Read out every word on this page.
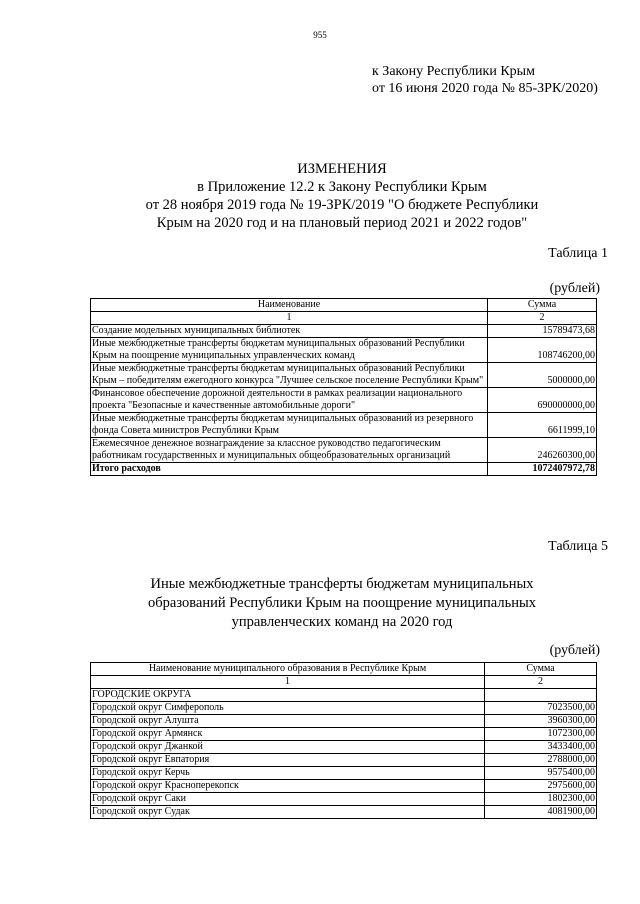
955
к Закону Республики Крым
от 16 июня 2020 года № 85-ЗРК/2020)
ИЗМЕНЕНИЯ
в Приложение 12.2 к Закону Республики Крым
от 28 ноября 2019 года № 19-ЗРК/2019 "О бюджете Республики
Крым на 2020 год и на плановый период 2021 и 2022 годов"
Таблица 1
(рублей)
Наименование	Сумма
1	2
Создание модельных муниципальных библиотек	15789473,68
Иные межбюджетные трансферты бюджетам муниципальных образований Республики Крым на поощрение муниципальных управленческих команд	108746200,00
Иные межбюджетные трансферты бюджетам муниципальных образований Республики Крым – победителям ежегодного конкурса "Лучшее сельское поселение Республики Крым"	5000000,00
Финансовое обеспечение дорожной деятельности в рамках реализации национального проекта "Безопасные и качественные автомобильные дороги"	690000000,00
Иные межбюджетные трансферты бюджетам муниципальных образований из резервного фонда Совета министров Республики Крым	6611999,10
Ежемесячное денежное вознаграждение за классное руководство педагогическим работникам государственных и муниципальных общеобразовательных организаций	246260300,00
Итого расходов	1072407972,78
Таблица 5
Иные межбюджетные трансферты бюджетам муниципальных
образований Республики Крым на поощрение муниципальных
управленческих команд на 2020 год
(рублей)
Наименование муниципального образования в Республике Крым	Сумма
1	2
ГОРОДСКИЕ ОКРУГА	
Городской округ Симферополь	7023500,00
Городской округ Алушта	3960300,00
Городской округ Армянск	1072300,00
Городской округ Джанкой	3433400,00
Городской округ Евпатория	2788000,00
Городской округ Керчь	9575400,00
Городской округ Красноперекопск	2975600,00
Городской округ Саки	1802300,00
Городской округ Судак	4081900,00
